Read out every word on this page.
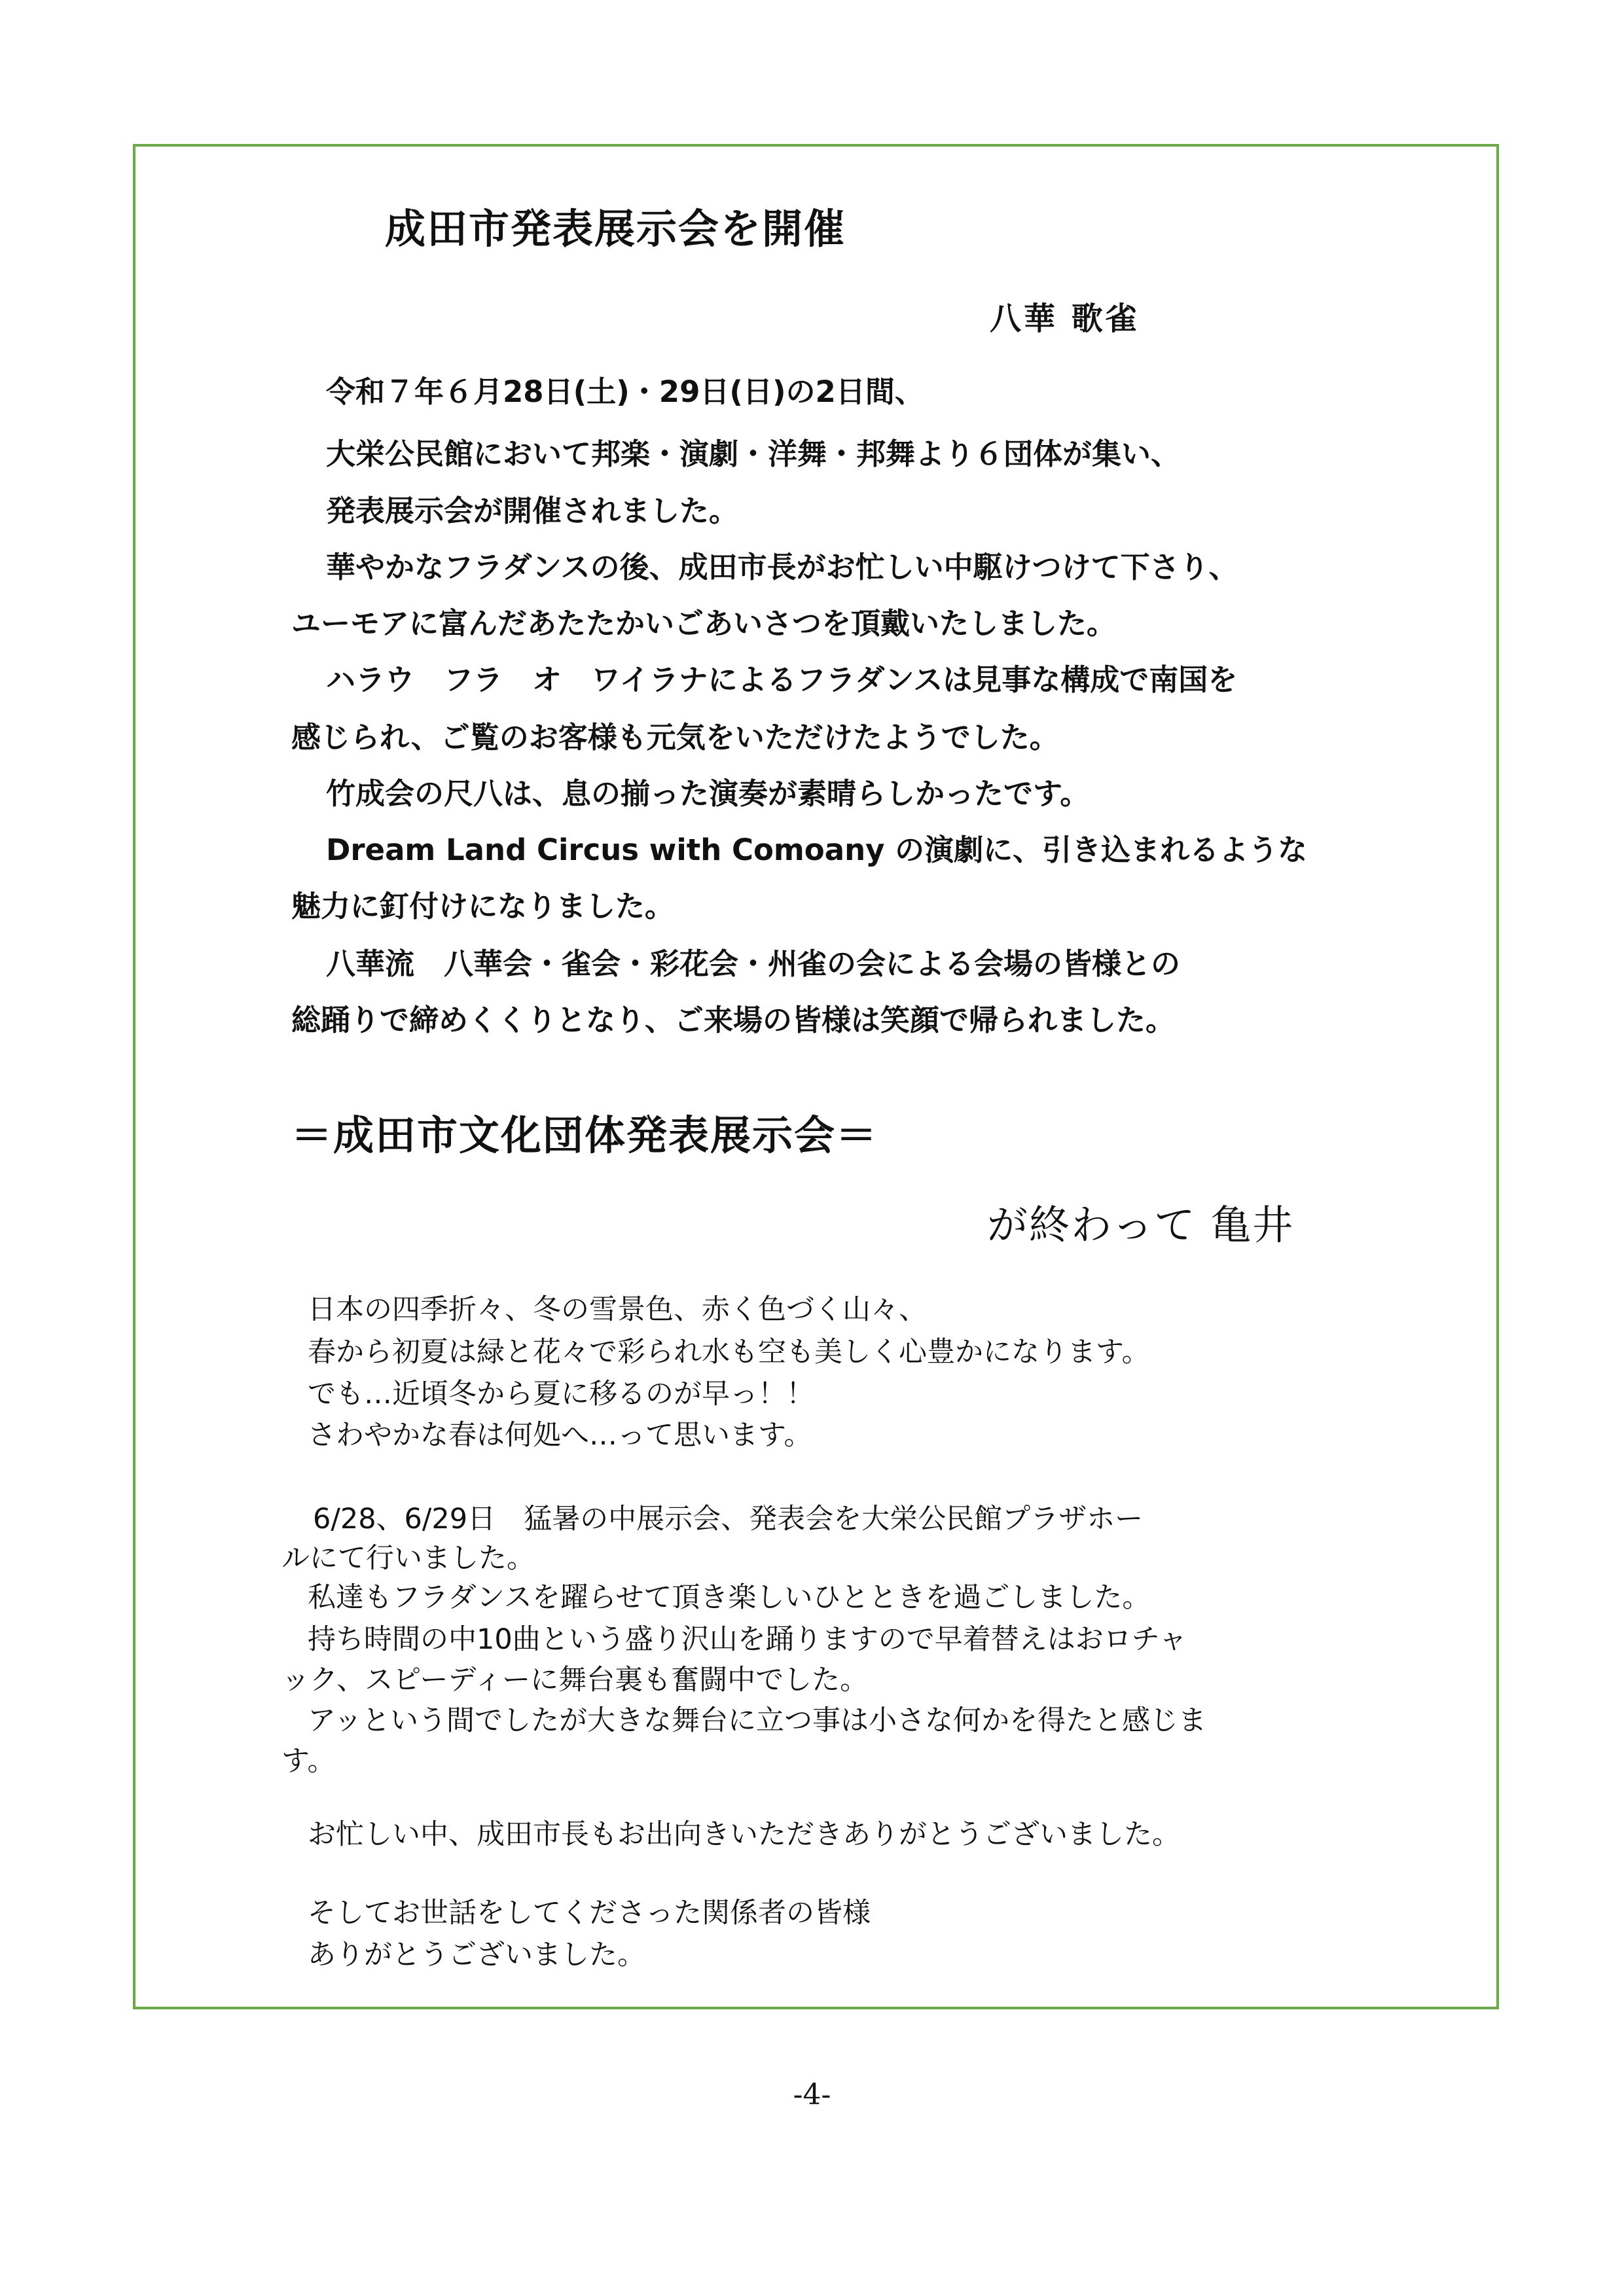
成田市発表展示会を開催

八華 歌雀

令和７年６月28日(土)・29日(日)の2日間、

大栄公民館において邦楽・演劇・洋舞・邦舞より６団体が集い、

発表展示会が開催されました。

華やかなフラダンスの後、成田市長がお忙しい中駆けつけて下さり、

ユーモアに富んだあたたかいごあいさつを頂戴いたしました。

ハラウ　フラ　オ　ワイラナによるフラダンスは見事な構成で南国を

感じられ、ご覧のお客様も元気をいただけたようでした。

竹成会の尺八は、息の揃った演奏が素晴らしかったです。

Dream Land Circus with Comoany の演劇に、引き込まれるような

魅力に釘付けになりました。

八華流　八華会・雀会・彩花会・州雀の会による会場の皆様との

総踊りで締めくくりとなり、ご来場の皆様は笑顔で帰られました。

＝成田市文化団体発表展示会＝

が終わって 亀井

日本の四季折々、冬の雪景色、赤く色づく山々、

春から初夏は緑と花々で彩られ水も空も美しく心豊かになります。

でも…近頃冬から夏に移るのが早っ！！

さわやかな春は何処へ…って思います。

6/28、6/29日　猛暑の中展示会、発表会を大栄公民館プラザホー

ルにて行いました。

私達もフラダンスを躍らせて頂き楽しいひとときを過ごしました。

持ち時間の中10曲という盛り沢山を踊りますので早着替えはおロチャ

ック、スピーディーに舞台裏も奮闘中でした。

アッという間でしたが大きな舞台に立つ事は小さな何かを得たと感じま

す。

お忙しい中、成田市長もお出向きいただきありがとうございました。

そしてお世話をしてくださった関係者の皆様

ありがとうございました。

-4-
